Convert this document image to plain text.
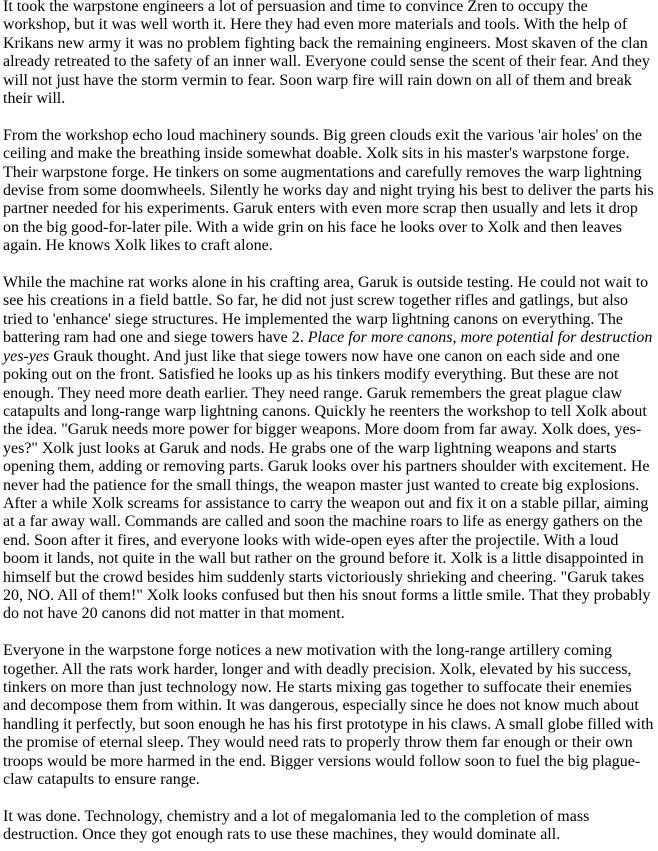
It took the warpstone engineers a lot of persuasion and time to convince Zren to occupy the workshop, but it was well worth it. Here they had even more materials and tools. With the help of Krikans new army it was no problem fighting back the remaining engineers. Most skaven of the clan already retreated to the safety of an inner wall. Everyone could sense the scent of their fear. And they will not just have the storm vermin to fear. Soon warp fire will rain down on all of them and break their will.

From the workshop echo loud machinery sounds. Big green clouds exit the various 'air holes' on the ceiling and make the breathing inside somewhat doable. Xolk sits in his master's warpstone forge. Their warpstone forge. He tinkers on some augmentations and carefully removes the warp lightning devise from some doomwheels. Silently he works day and night trying his best to deliver the parts his partner needed for his experiments. Garuk enters with even more scrap then usually and lets it drop on the big good-for-later pile. With a wide grin on his face he looks over to Xolk and then leaves again. He knows Xolk likes to craft alone.

While the machine rat works alone in his crafting area, Garuk is outside testing. He could not wait to see his creations in a field battle. So far, he did not just screw together rifles and gatlings, but also tried to 'enhance' siege structures. He implemented the warp lightning canons on everything. The battering ram had one and siege towers have 2. Place for more canons, more potential for destruction yes-yes Grauk thought. And just like that siege towers now have one canon on each side and one poking out on the front. Satisfied he looks up as his tinkers modify everything. But these are not enough. They need more death earlier. They need range. Garuk remembers the great plague claw catapults and long-range warp lightning canons. Quickly he reenters the workshop to tell Xolk about the idea. "Garuk needs more power for bigger weapons. More doom from far away. Xolk does, yes-yes?" Xolk just looks at Garuk and nods. He grabs one of the warp lightning weapons and starts opening them, adding or removing parts. Garuk looks over his partners shoulder with excitement. He never had the patience for the small things, the weapon master just wanted to create big explosions. After a while Xolk screams for assistance to carry the weapon out and fix it on a stable pillar, aiming at a far away wall. Commands are called and soon the machine roars to life as energy gathers on the end. Soon after it fires, and everyone looks with wide-open eyes after the projectile. With a loud boom it lands, not quite in the wall but rather on the ground before it. Xolk is a little disappointed in himself but the crowd besides him suddenly starts victoriously shrieking and cheering. "Garuk takes 20, NO. All of them!" Xolk looks confused but then his snout forms a little smile. That they probably do not have 20 canons did not matter in that moment.

Everyone in the warpstone forge notices a new motivation with the long-range artillery coming together. All the rats work harder, longer and with deadly precision. Xolk, elevated by his success, tinkers on more than just technology now. He starts mixing gas together to suffocate their enemies and decompose them from within. It was dangerous, especially since he does not know much about handling it perfectly, but soon enough he has his first prototype in his claws. A small globe filled with the promise of eternal sleep. They would need rats to properly throw them far enough or their own troops would be more harmed in the end. Bigger versions would follow soon to fuel the big plague-claw catapults to ensure range.

It was done. Technology, chemistry and a lot of megalomania led to the completion of mass destruction. Once they got enough rats to use these machines, they would dominate all.
